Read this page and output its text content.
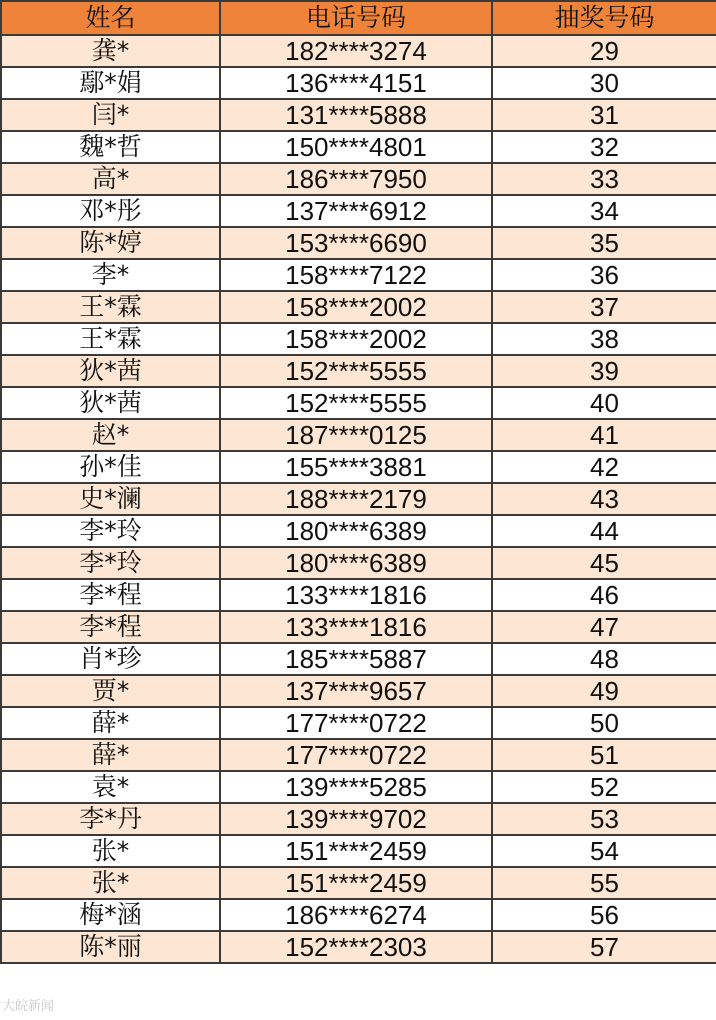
姓名	电话号码	抽奖号码
龚*	182****3274	29
鄢*娟	136****4151	30
闫*	131****5888	31
魏*哲	150****4801	32
高*	186****7950	33
邓*彤	137****6912	34
陈*婷	153****6690	35
李*	158****7122	36
王*霖	158****2002	37
王*霖	158****2002	38
狄*茜	152****5555	39
狄*茜	152****5555	40
赵*	187****0125	41
孙*佳	155****3881	42
史*澜	188****2179	43
李*玲	180****6389	44
李*玲	180****6389	45
李*程	133****1816	46
李*程	133****1816	47
肖*珍	185****5887	48
贾*	137****9657	49
薛*	177****0722	50
薛*	177****0722	51
袁*	139****5285	52
李*丹	139****9702	53
张*	151****2459	54
张*	151****2459	55
梅*涵	186****6274	56
陈*丽	152****2303	57
大皖新闻
